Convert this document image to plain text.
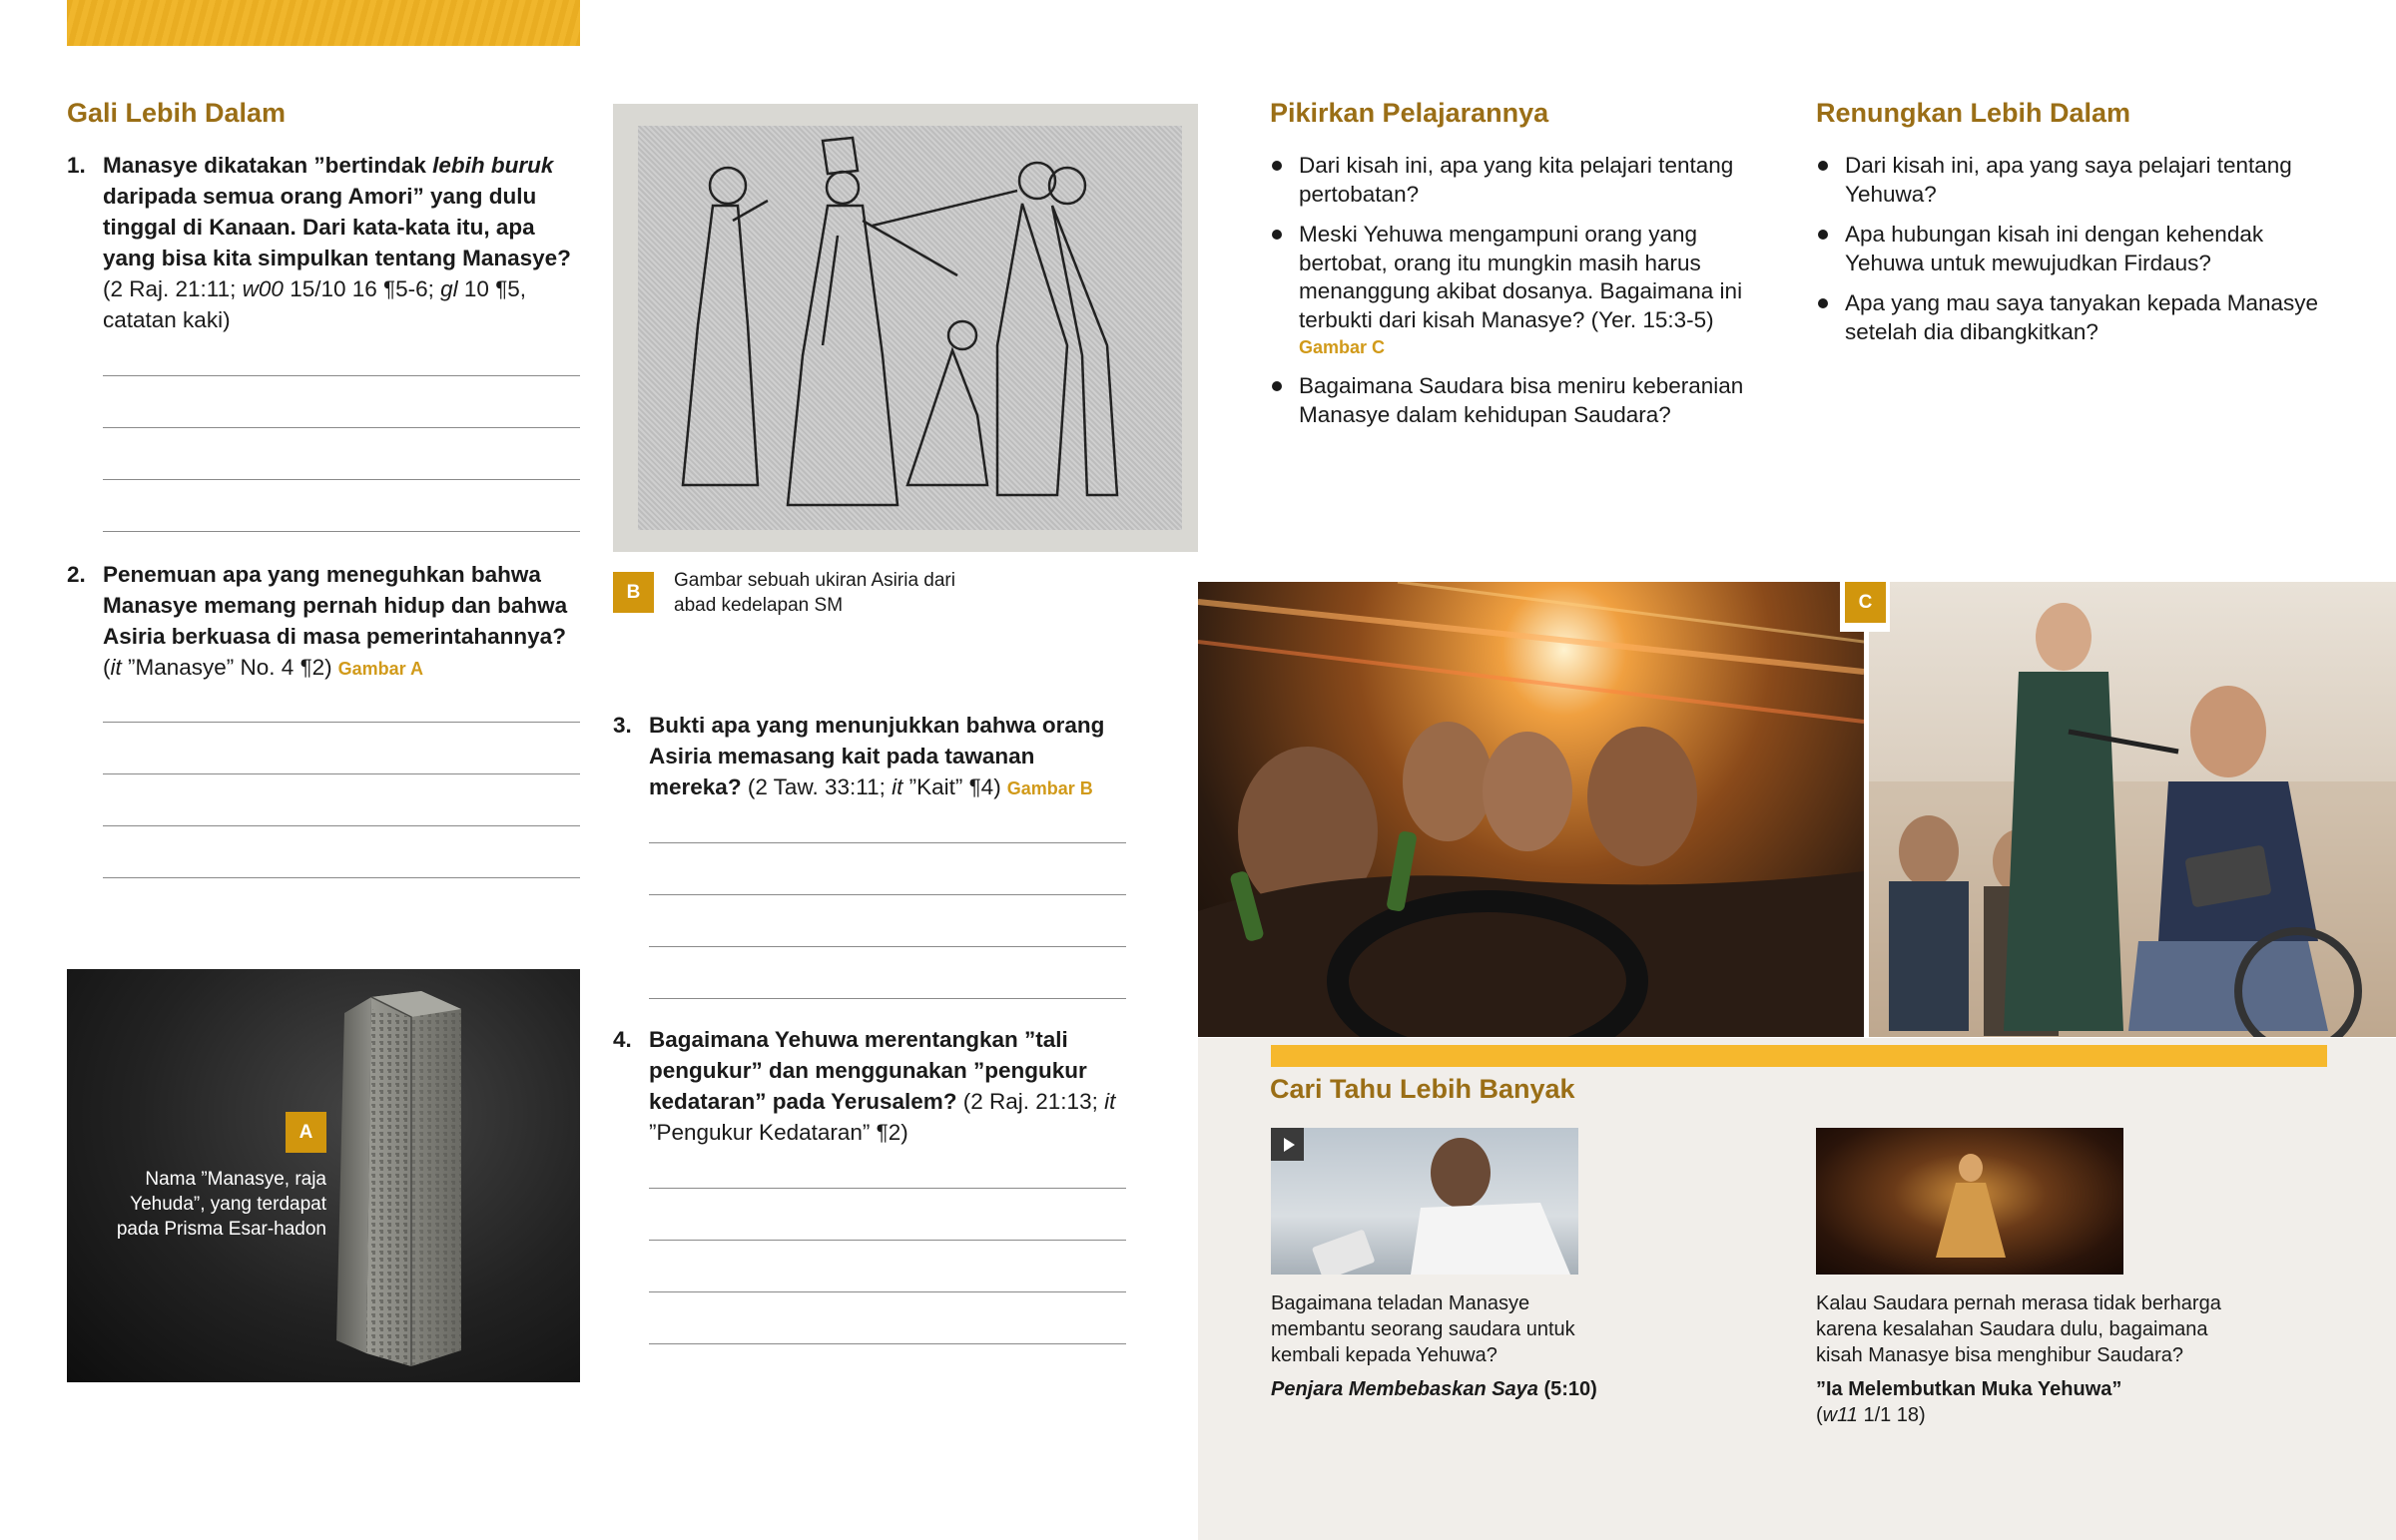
Gali Lebih Dalam
1. Manasye dikatakan ”bertindak lebih buruk daripada semua orang Amori” yang dulu tinggal di Kanaan. Dari kata-kata itu, apa yang bisa kita simpulkan tentang Manasye? (2 Raj. 21:11; w00 15/10 16 ¶5-6; gl 10 ¶5, catatan kaki)
2. Penemuan apa yang meneguhkan bahwa Manasye memang pernah hidup dan bahwa Asiria berkuasa di masa pemerintahannya? (it ”Manasye” No. 4 ¶2) Gambar A
A
Nama ”Manasye, raja Yehuda”, yang terdapat pada Prisma Esar-hadon
B
Gambar sebuah ukiran Asiria dari abad kedelapan SM
3. Bukti apa yang menunjukkan bahwa orang Asiria memasang kait pada tawanan mereka? (2 Taw. 33:11; it ”Kait” ¶4) Gambar B
4. Bagaimana Yehuwa merentangkan ”tali pengukur” dan menggunakan ”pengukur kedataran” pada Yerusalem? (2 Raj. 21:13; it ”Pengukur Kedataran” ¶2)
Pikirkan Pelajarannya
Dari kisah ini, apa yang kita pelajari tentang pertobatan?
Meski Yehuwa mengampuni orang yang bertobat, orang itu mungkin masih harus menanggung akibat dosanya. Bagaimana ini terbukti dari kisah Manasye? (Yer. 15:3-5)
Gambar C
Bagaimana Saudara bisa meniru keberanian Manasye dalam kehidupan Saudara?
Renungkan Lebih Dalam
Dari kisah ini, apa yang saya pelajari tentang Yehuwa?
Apa hubungan kisah ini dengan kehendak Yehuwa untuk mewujudkan Firdaus?
Apa yang mau saya tanyakan kepada Manasye setelah dia dibangkitkan?
C
Cari Tahu Lebih Banyak
Bagaimana teladan Manasye membantu seorang saudara untuk kembali kepada Yehuwa?
Penjara Membebaskan Saya (5:10)
Kalau Saudara pernah merasa tidak berharga karena kesalahan Saudara dulu, bagaimana kisah Manasye bisa menghibur Saudara?
”Ia Melembutkan Muka Yehuwa”
(w11 1/1 18)
